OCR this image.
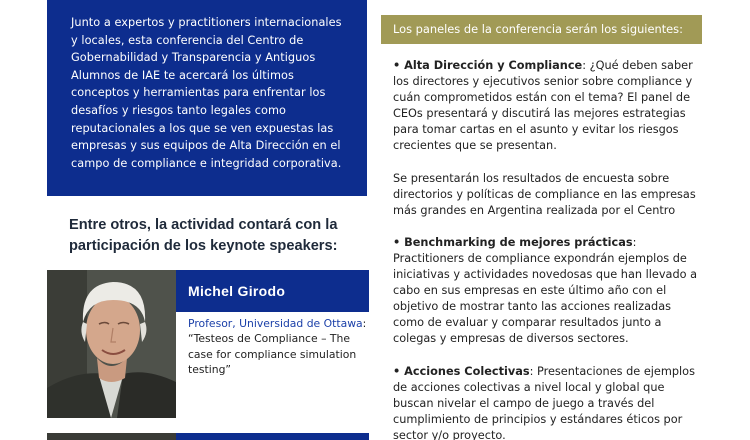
Junto a expertos y practitioners internacionales y locales, esta conferencia del Centro de Gobernabilidad y Transparencia y Antiguos Alumnos de IAE te acercará los últimos conceptos y herramientas para enfrentar los desafíos y riesgos tanto legales como reputacionales a los que se ven expuestas las empresas y sus equipos de Alta Dirección en el campo de compliance e integridad corporativa.

Entre otros, la actividad contará con la participación de los keynote speakers:
Michel Girodo
Profesor, Universidad de Ottawa: “Testeos de Compliance – The case for compliance simulation testing”
Los paneles de la conferencia serán los siguientes:

• Alta Dirección y Compliance: ¿Qué deben saber los directores y ejecutivos senior sobre compliance y cuán comprometidos están con el tema? El panel de CEOs presentará y discutirá las mejores estrategias para tomar cartas en el asunto y evitar los riesgos crecientes que se presentan.

Se presentarán los resultados de encuesta sobre directorios y políticas de compliance en las empresas más grandes en Argentina realizada por el Centro

• Benchmarking de mejores prácticas: Practitioners de compliance expondrán ejemplos de iniciativas y actividades novedosas que han llevado a cabo en sus empresas en este último año con el objetivo de mostrar tanto las acciones realizadas como de evaluar y comparar resultados junto a colegas y empresas de diversos sectores.

• Acciones Colectivas: Presentaciones de ejemplos de acciones colectivas a nivel local y global que buscan nivelar el campo de juego a través del cumplimiento de principios y estándares éticos por sector y/o proyecto.
